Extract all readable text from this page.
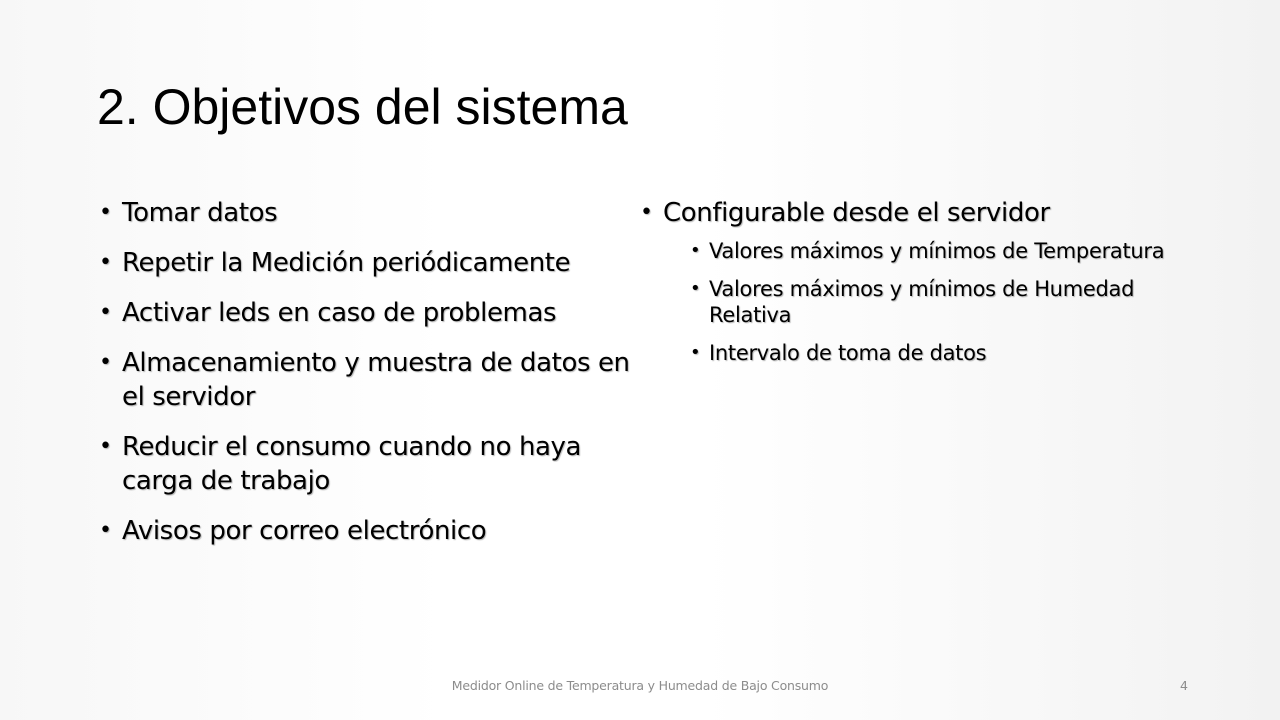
2. Objetivos del sistema
• Tomar datos
• Repetir la Medición periódicamente
• Activar leds en caso de problemas
• Almacenamiento y muestra de datos en el servidor
• Reducir el consumo cuando no haya carga de trabajo
• Avisos por correo electrónico
• Configurable desde el servidor
• Valores máximos y mínimos de Temperatura
• Valores máximos y mínimos de Humedad Relativa
• Intervalo de toma de datos
Medidor Online de Temperatura y Humedad de Bajo Consumo	4
